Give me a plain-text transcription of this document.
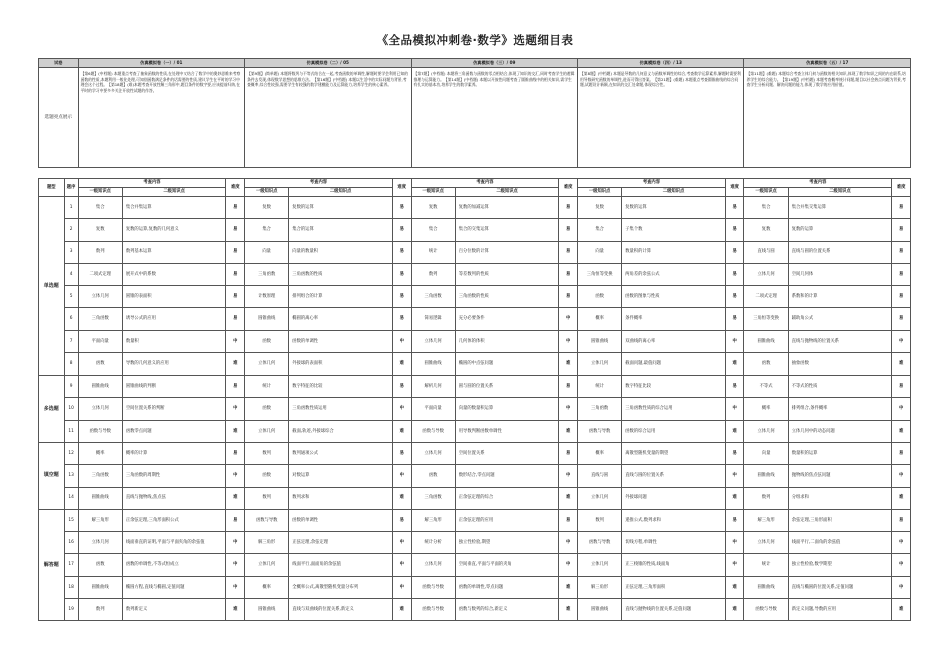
《全品模拟冲刺卷·数学》选题细目表
试卷		仿真模拟卷（一）/ 01			仿真模拟卷（二）/ 05			仿真模拟卷（三）/ 09			仿真模拟卷（四）/ 13			仿真模拟卷（五）/ 17		
选题亮点展示		【第6题】(中档题) 本题重点考查了抽象函数的性质,在处理中又结合了数学中的奥妙思维来考察函数的性质,本题利用一般化处理,可知别函数满足条件的话需要的性质,建议学生在平时的学习中理会这个过程。【第18题】(难)本题考查开放性解三角形中,题目条件的数字要,应该提前归纳,在平时的学习中要多多关注开放性试题的作答。			【第9题】(简单题) 本题将数列与不等式结合在一起,考查函数的单调性,解题时要学会利用已知的条件去发现,体现数学思想的思维方法。【第16题】(中档题) 本题以生活中的实际问题为背景,考查概率,综合性较强,需要学生有较强的数学建模能力及运算能力,培养学生的核心素养。			【第7题】(中档题) 本题将三角函数与函数的零点相结合,体现了知识的交汇,同时考查学生的逻辑推理与运算能力。【第14题】(中档题) 本题以开放性问题考查了圆锥曲线中的相关知识,需学生有扎实的基本功,培养学生的数学素养。			【第8题】(中档题) 本题是导数的几何意义与函数单调性的综合,考查数学运算素养,解题时需要利用导数研究函数的单调性,进而可得出答案。【第21题】(难题) 本题重点考查圆锥曲线的综合问题,试题设计新颖,在知识的交汇处命题,体现综合性。			【第11题】(难题) 本题综合考查立体几何与函数的相关知识,体现了数学知识之间的内在联系,培养学生的综合能力。【第19题】(中档题) 本题考查概率统计问题,题目以社会热点问题为背景,考查学生分析问题、解决问题的能力,体现了数学的应用价值。		

题型	题序	考查内容		难度	考查内容		难度	考查内容		难度	考查内容		难度	考查内容		难度
		一级知识点	二级知识点		一级知识点	二级知识点		一级知识点	二级知识点		一级知识点	二级知识点		一级知识点	二级知识点	
单选题	1	集合	集合并集运算	易	复数	复数的运算	易	复数	复数的加减运算	易	复数	复数的运算	易	集合	集合并集交集运算	易
	2	复数	复数的运算,复数的几何意义	易	集合	集合的运算	易	集合	集合的交集运算	易	集合	子集个数	易	复数	复数的运算	易
	3	数列	数列基本运算	易	向量	向量的数量积	易	统计	百分位数的计算	易	向量	数量积的计算	易	直线与圆	直线与圆的位置关系	易
	4	二项式定理	展开式中的系数	易	三角函数	三角函数的性质	易	数列	等差数列的性质	易	三角恒等变换	两角差的余弦公式	易	立体几何	空间几何体	易
	5	立体几何	圆锥的表面积	易	计数原理	排列组合的计算	易	三角函数	三角函数的性质	易	函数	函数的图象与性质	易	二项式定理	系数和的计算	易
	6	三角函数	诱导公式的应用	易	圆锥曲线	椭圆的离心率	易	简易逻辑	充分必要条件	中	概率	条件概率	易	三角恒等变换	辅助角公式	易
	7	平面向量	数量积	中	函数	函数的单调性	中	立体几何	几何体的体积	中	圆锥曲线	双曲线的离心率	中	圆锥曲线	直线与抛物线的位置关系	中
	8	函数	导数的几何意义的应用	难	立体几何	外接球的表面积	难	圆锥曲线	椭圆的中点弦问题	难	立体几何	截面问题,最值问题	难	函数	抽象函数	难
多选题	9	圆锥曲线	圆锥曲线的判断	易	统计	数字特征的比较	易	解析几何	圆与圆的位置关系	易	统计	数字特征比较	易	不等式	不等式的性质	易
	10	立体几何	空间位置关系的判断	中	函数	三角函数性质运用	中	平面向量	向量的数量积运算	中	三角函数	三角函数性质的综合运用	中	概率	排列组合,条件概率	中
	11	函数与导数	函数零点问题	难	立体几何	截面,轨迹,外接球综合	难	函数与导数	用导数判断函数单调性	难	函数与导数	函数的综合运用	难	立体几何	立体几何中的动态问题	难
填空题	12	概率	概率的计算	易	数列	数列通项公式	易	立体几何	空间位置关系	易	概率	离散型随机变量的期望	易	向量	数量积的运算	易
	13	三角函数	三角函数的周期性	中	函数	对数运算	中	函数	数形结合,零点问题	中	直线与圆	直线与圆的位置关系	中	圆锥曲线	抛物线的焦点弦问题	中
	14	圆锥曲线	直线与抛物线,焦点弦	难	数列	数列求和	难	三角函数	正余弦定理的综合	难	立体几何	外接球问题	难	数列	分组求和	难
解答题	15	解三角形	正余弦定理,三角形面积公式	易	函数与导数	函数的单调性	易	解三角形	正余弦定理的应用	易	数列	递推公式,数列求和	易	解三角形	余弦定理,三角形面积	易
	16	立体几何	线面垂直的证明,平面与平面夹角的余弦值	中	解三角形	正弦定理,余弦定理	中	统计分析	独立性检验,期望	中	函数与导数	切线方程,单调性	中	立体几何	线面平行,二面角的余弦值	中
	17	函数	函数的单调性,不等式恒成立	中	立体几何	线面平行,面面角的余弦值	中	立体几何	空间垂直,平面与平面的夹角	中	立体几何	正三棱锥的性质,线面角	中	统计	独立性检验,数学期望	中
	18	圆锥曲线	椭圆方程,直线与椭圆,定值问题	中	概率	全概率公式,离散型随机变量分布列	中	函数与导数	函数的单调性,零点问题	难	解三角形	正弦定理,三角形面积	难	圆锥曲线	直线与椭圆的位置关系,定值问题	中
	19	数列	数列新定义	难	圆锥曲线	直线与双曲线的位置关系,新定义	难	函数与导数	函数与数列的综合,新定义	难	圆锥曲线	直线与抛物线的位置关系,定值问题	难	函数与导数	新定义问题,导数的应用	难
